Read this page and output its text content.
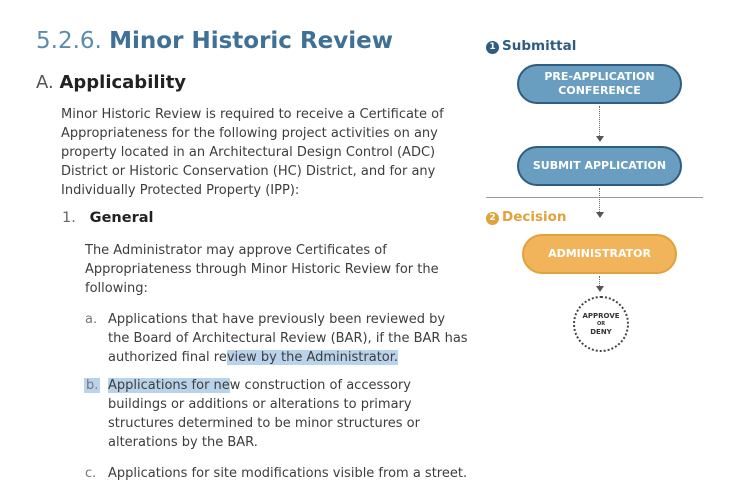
5.2.6. Minor Historic Review
A. Applicability
Minor Historic Review is required to receive a Certificate of
Appropriateness for the following project activities on any
property located in an Architectural Design Control (ADC)
District or Historic Conservation (HC) District, and for any
Individually Protected Property (IPP):
1. General
The Administrator may approve Certificates of
Appropriateness through Minor Historic Review for the
following:
a. Applications that have previously been reviewed by
the Board of Architectural Review (BAR), if the BAR has
authorized final review by the Administrator.
b. Applications for new construction of accessory
buildings or additions or alterations to primary
structures determined to be minor structures or
alterations by the BAR.
c. Applications for site modifications visible from a street.
1 Submittal
PRE-APPLICATION
CONFERENCE
SUBMIT APPLICATION
2 Decision
ADMINISTRATOR
APPROVE
OR
DENY
